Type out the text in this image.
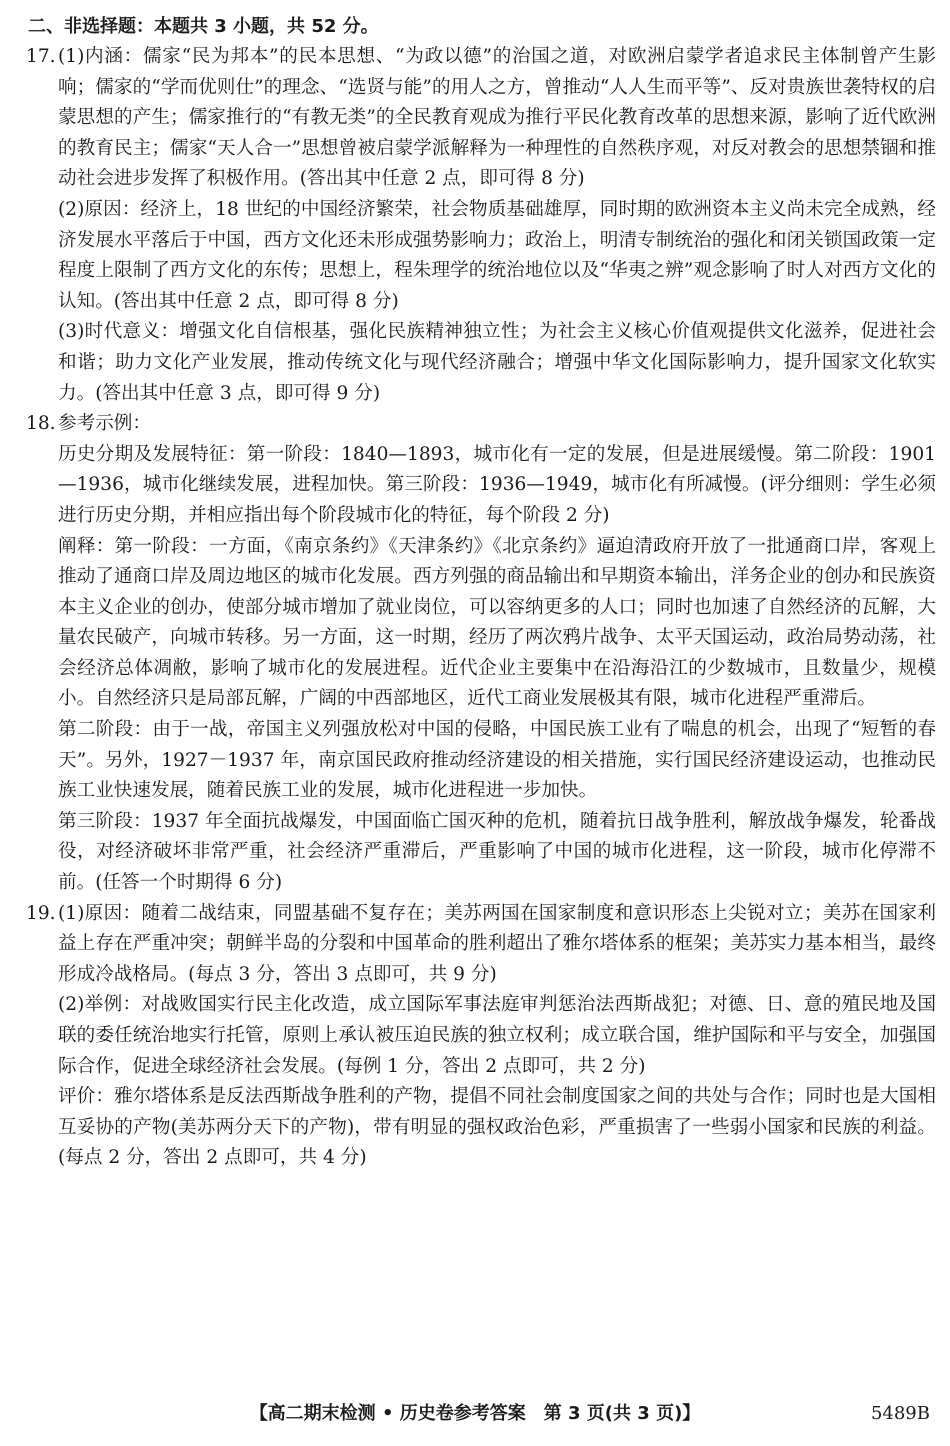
二、非选择题：本题共 3 小题，共 52 分。

17. (1)内涵：儒家“民为邦本”的民本思想、“为政以德”的治国之道，对欧洲启蒙学者追求民主体制曾产生影响；儒家的“学而优则仕”的理念、“选贤与能”的用人之方，曾推动“人人生而平等”、反对贵族世袭特权的启蒙思想的产生；儒家推行的“有教无类”的全民教育观成为推行平民化教育改革的思想来源，影响了近代欧洲的教育民主；儒家“天人合一”思想曾被启蒙学派解释为一种理性的自然秩序观，对反对教会的思想禁锢和推动社会进步发挥了积极作用。(答出其中任意 2 点，即可得 8 分)

(2)原因：经济上，18 世纪的中国经济繁荣，社会物质基础雄厚，同时期的欧洲资本主义尚未完全成熟，经济发展水平落后于中国，西方文化还未形成强势影响力；政治上，明清专制统治的强化和闭关锁国政策一定程度上限制了西方文化的东传；思想上，程朱理学的统治地位以及“华夷之辨”观念影响了时人对西方文化的认知。(答出其中任意 2 点，即可得 8 分)

(3)时代意义：增强文化自信根基，强化民族精神独立性；为社会主义核心价值观提供文化滋养，促进社会和谐；助力文化产业发展，推动传统文化与现代经济融合；增强中华文化国际影响力，提升国家文化软实力。(答出其中任意 3 点，即可得 9 分)

18. 参考示例：

历史分期及发展特征：第一阶段：1840—1893，城市化有一定的发展，但是进展缓慢。第二阶段：1901—1936，城市化继续发展，进程加快。第三阶段：1936—1949，城市化有所减慢。(评分细则：学生必须进行历史分期，并相应指出每个阶段城市化的特征，每个阶段 2 分)

阐释：第一阶段：一方面，《南京条约》《天津条约》《北京条约》逼迫清政府开放了一批通商口岸，客观上推动了通商口岸及周边地区的城市化发展。西方列强的商品输出和早期资本输出，洋务企业的创办和民族资本主义企业的创办，使部分城市增加了就业岗位，可以容纳更多的人口；同时也加速了自然经济的瓦解，大量农民破产，向城市转移。另一方面，这一时期，经历了两次鸦片战争、太平天国运动，政治局势动荡，社会经济总体凋敝，影响了城市化的发展进程。近代企业主要集中在沿海沿江的少数城市，且数量少，规模小。自然经济只是局部瓦解，广阔的中西部地区，近代工商业发展极其有限，城市化进程严重滞后。

第二阶段：由于一战，帝国主义列强放松对中国的侵略，中国民族工业有了喘息的机会，出现了“短暂的春天”。另外，1927－1937 年，南京国民政府推动经济建设的相关措施，实行国民经济建设运动，也推动民族工业快速发展，随着民族工业的发展，城市化进程进一步加快。

第三阶段：1937 年全面抗战爆发，中国面临亡国灭种的危机，随着抗日战争胜利，解放战争爆发，轮番战役，对经济破坏非常严重，社会经济严重滞后，严重影响了中国的城市化进程，这一阶段，城市化停滞不前。(任答一个时期得 6 分)

19. (1)原因：随着二战结束，同盟基础不复存在；美苏两国在国家制度和意识形态上尖锐对立；美苏在国家利益上存在严重冲突；朝鲜半岛的分裂和中国革命的胜利超出了雅尔塔体系的框架；美苏实力基本相当，最终形成冷战格局。(每点 3 分，答出 3 点即可，共 9 分)

(2)举例：对战败国实行民主化改造，成立国际军事法庭审判惩治法西斯战犯；对德、日、意的殖民地及国联的委任统治地实行托管，原则上承认被压迫民族的独立权利；成立联合国，维护国际和平与安全，加强国际合作，促进全球经济社会发展。(每例 1 分，答出 2 点即可，共 2 分)

评价：雅尔塔体系是反法西斯战争胜利的产物，提倡不同社会制度国家之间的共处与合作；同时也是大国相互妥协的产物(美苏两分天下的产物)，带有明显的强权政治色彩，严重损害了一些弱小国家和民族的利益。(每点 2 分，答出 2 点即可，共 4 分)

【高二期末检测 • 历史卷参考答案　第 3 页(共 3 页)】	5489B
